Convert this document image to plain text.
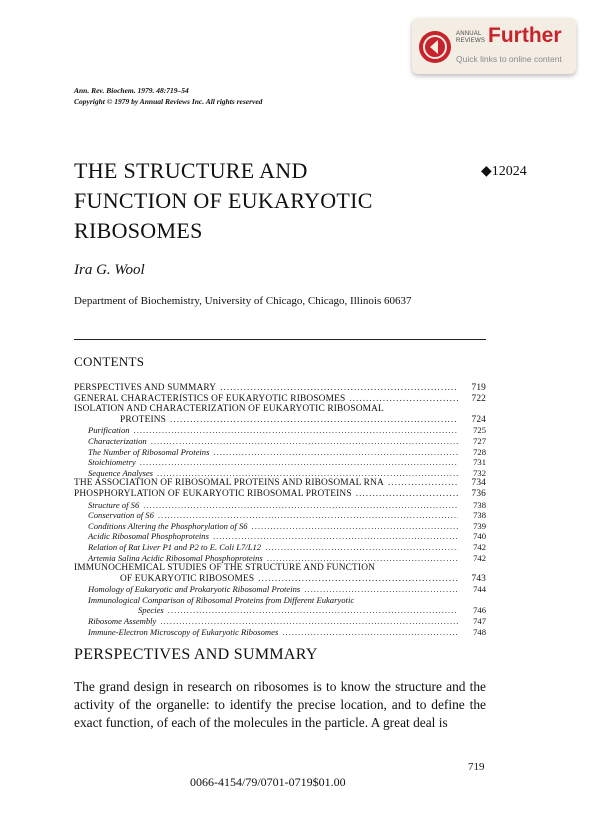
ANNUAL
REVIEWS Further
Quick links to online content
Ann. Rev. Biochem. 1979. 48:719–54
Copyright © 1979 by Annual Reviews Inc. All rights reserved
THE STRUCTURE AND
FUNCTION OF EUKARYOTIC
RIBOSOMES
◆12024
Ira G. Wool
Department of Biochemistry, University of Chicago, Chicago, Illinois 60637
CONTENTS
PERSPECTIVES AND SUMMARY .....	719
GENERAL CHARACTERISTICS OF EUKARYOTIC RIBOSOMES .....	722
ISOLATION AND CHARACTERIZATION OF EUKARYOTIC RIBOSOMAL
PROTEINS .....	724
Purification .....	725
Characterization .....	727
The Number of Ribosomal Proteins .....	728
Stoichiometry .....	731
Sequence Analyses .....	732
THE ASSOCIATION OF RIBOSOMAL PROTEINS AND RIBOSOMAL RNA .....	734
PHOSPHORYLATION OF EUKARYOTIC RIBOSOMAL PROTEINS .....	736
Structure of S6 .....	738
Conservation of S6 .....	738
Conditions Altering the Phosphorylation of S6 .....	739
Acidic Ribosomal Phosphoproteins .....	740
Relation of Rat Liver P1 and P2 to E. Coli L7/L12 .....	742
Artemia Salina Acidic Ribosomal Phosphoproteins .....	742
IMMUNOCHEMICAL STUDIES OF THE STRUCTURE AND FUNCTION
OF EUKARYOTIC RIBOSOMES .....	743
Homology of Eukaryotic and Prokaryotic Ribosomal Proteins .....	744
Immunological Comparison of Ribosomal Proteins from Different Eukaryotic
Species .....	746
Ribosome Assembly .....	747
Immune-Electron Microscopy of Eukaryotic Ribosomes .....	748
PERSPECTIVES AND SUMMARY
The grand design in research on ribosomes is to know the structure and the activity of the organelle: to identify the precise location, and to define the exact function, of each of the molecules in the particle. A great deal is
719
0066-4154/79/0701-0719$01.00
